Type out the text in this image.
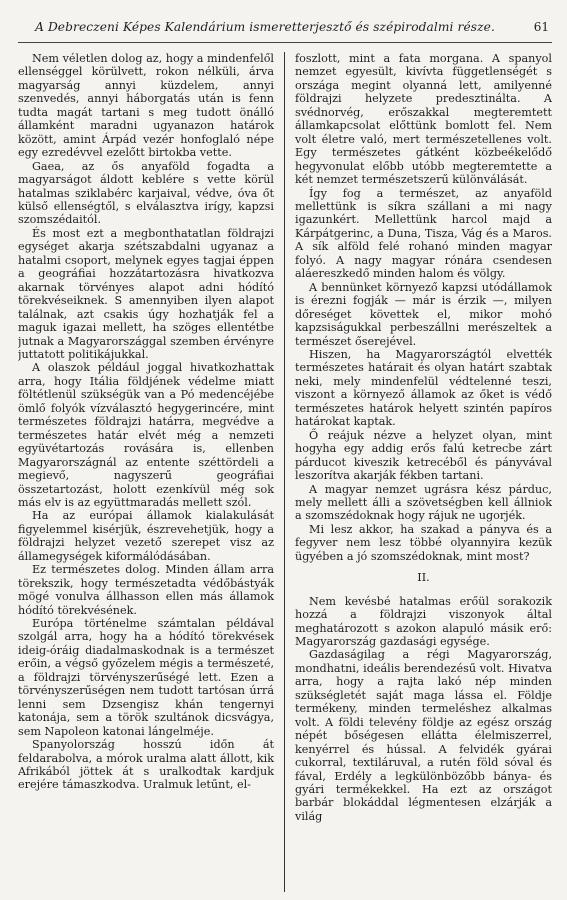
A Debreczeni Képes Kalendárium ismeretterjesztő és szépirodalmi része.	61

Nem véletlen dolog az, hogy a mindenfelől ellenséggel körülvett, rokon nélküli, árva magyarság annyi küzdelem, annyi szenvedés, annyi háborgatás után is fenn tudta magát tartani s meg tudott önálló államként maradni ugyanazon határok között, amint Árpád vezér honfoglaló népe egy ezredévvel ezelőtt birtokba vette.

Gaea, az ős anyaföld fogadta a magyarságot áldott keblére s vette körül hatalmas sziklabérc karjaival, védve, óva őt külső ellenségtől, s elválasztva irígy, kapzsi szomszédaitól.

És most ezt a megbonthatatlan földrajzi egységet akarja szétszabdalni ugyanaz a hatalmi csoport, melynek egyes tagjai éppen a geográfiai hozzátartozásra hivatkozva akarnak törvényes alapot adni hódító törekvéseiknek. S amennyiben ilyen alapot találnak, azt csakis úgy hozhatják fel a maguk igazai mellett, ha szöges ellentétbe jutnak a Magyarországgal szemben érvényre juttatott politikájukkal.

A olaszok például joggal hivatkozhattak arra, hogy Itália földjének védelme miatt föltétlenül szükségük van a Pó medencéjébe ömlő folyók vízválasztó hegygerincére, mint természetes földrajzi határra, megvédve a természetes határ elvét még a nemzeti együvétartozás rovására is, ellenben Magyarországnál az entente széttördeli a megievő, nagyszerű geográfiai összetartozást, holott ezenkívül még sok más elv is az együttmaradás mellett szól.

Ha az európai államok kialakulását figyelemmel kisérjük, észrevehetjük, hogy a földrajzi helyzet vezető szerepet visz az államegységek kiformálódásában.

Ez természetes dolog. Minden állam arra törekszik, hogy természetadta védőbástyák mögé vonulva állhasson ellen más államok hódító törekvésének.

Európa történelme számtalan példával szolgál arra, hogy ha a hódító törekvések ideig-óráig diadalmaskodnak is a természet erőin, a végső győzelem mégis a természeté, a földrajzi törvényszerűségé lett. Ezen a törvényszerűségen nem tudott tartósan úrrá lenni sem Dzsengisz khán tengernyi katonája, sem a török szultánok dicsvágya, sem Napoleon katonai lángelméje.

Spanyolország hosszú időn át feldarabolva, a mórok uralma alatt állott, kik Afrikából jöttek át s uralkodtak kardjuk erejére támaszkodva. Uralmuk letűnt, el-

foszlott, mint a fata morgana. A spanyol nemzet egyesült, kivívta függetlenségét s országa megint olyanná lett, amilyenné földrajzi helyzete predesztinálta. A svédnorvég, erőszakkal megteremtett államkapcsolat előttünk bomlott fel. Nem volt életre való, mert természetellenes volt. Egy természetes gátként közbeékelődő hegyvonulat előbb utóbb megteremtette a két nemzet természetszerű különválását.

Így fog a természet, az anyaföld mellettünk is síkra szállani a mi nagy igazunkért. Mellettünk harcol majd a Kárpátgerinc, a Duna, Tisza, Vág és a Maros. A sík alföld felé rohanó minden magyar folyó. A nagy magyar rónára csendesen aláereszkedő minden halom és völgy.

A bennünket környező kapzsi utódállamok is érezni fogják — már is érzik —, milyen dőreséget követtek el, mikor mohó kapzsiságukkal perbeszállni merészeltek a természet őserejével.

Hiszen, ha Magyarországtól elvették természetes határait és olyan határt szabtak neki, mely mindenfelül védtelenné teszi, viszont a környező államok az őket is védő természetes határok helyett szintén papíros határokat kaptak.

Ő reájuk nézve a helyzet olyan, mint hogyha egy addig erős falú ketrecbe zárt párducot kiveszik ketrecéből és pányvával leszorítva akarják fékben tartani.

A magyar nemzet ugrásra kész párduc, mely mellett álli a szövetségben kell állniok a szomszédoknak hogy rájuk ne ugorjék.

Mi lesz akkor, ha szakad a pányva és a fegyver nem lesz többé olyannyira kezük ügyében a jó szomszédoknak, mint most?

II.

Nem kevésbé hatalmas erőül sorakozik hozzá a földrajzi viszonyok által meghatározott s azokon alapuló másik erő: Magyarország gazdasági egysége.

Gazdaságilag a régi Magyarország, mondhatni, ideális berendezésű volt. Hivatva arra, hogy a rajta lakó nép minden szükségletét saját maga lássa el. Földje termékeny, minden termeléshez alkalmas volt. A földi televény földje az egész ország népét bőségesen ellátta élelmiszerrel, kenyérrel és hússal. A felvidék gyárai cukorral, textiláruval, a rutén föld sóval és fával, Erdély a legkülönbözőbb bánya- és gyári termékekkel. Ha ezt az országot barbár blokáddal légmentesen elzárják a világ
